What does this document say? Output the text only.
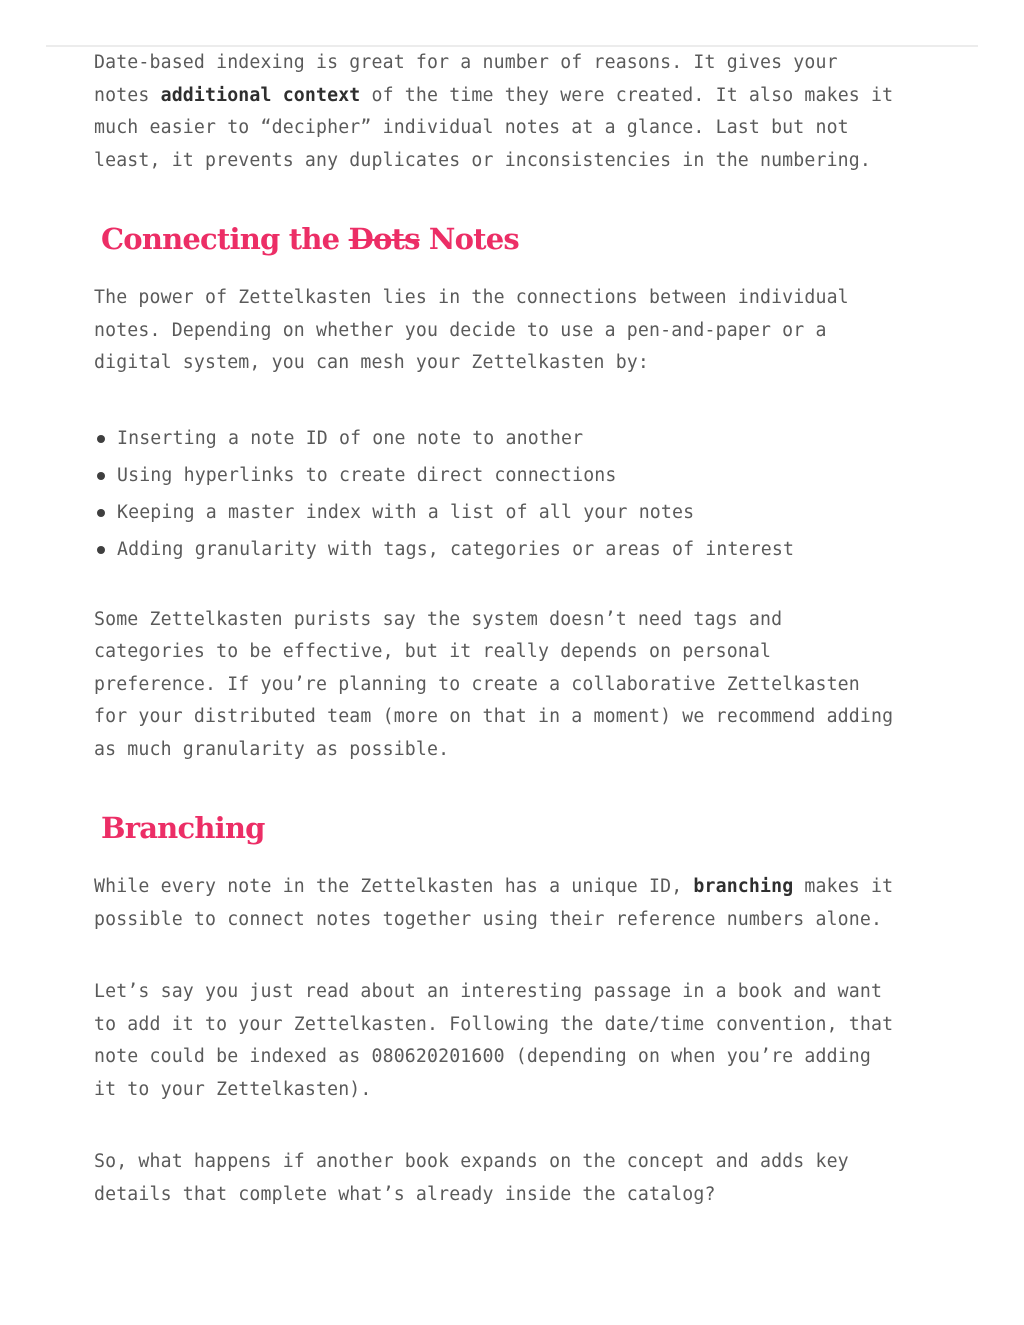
Date-based indexing is great for a number of reasons. It gives your
notes additional context of the time they were created. It also makes it
much easier to “decipher” individual notes at a glance. Last but not
least, it prevents any duplicates or inconsistencies in the numbering.

Connecting the Dots Notes

The power of Zettelkasten lies in the connections between individual
notes. Depending on whether you decide to use a pen-and-paper or a
digital system, you can mesh your Zettelkasten by:

Inserting a note ID of one note to another
Using hyperlinks to create direct connections
Keeping a master index with a list of all your notes
Adding granularity with tags, categories or areas of interest

Some Zettelkasten purists say the system doesn’t need tags and
categories to be effective, but it really depends on personal
preference. If you’re planning to create a collaborative Zettelkasten
for your distributed team (more on that in a moment) we recommend adding
as much granularity as possible.

Branching

While every note in the Zettelkasten has a unique ID, branching makes it
possible to connect notes together using their reference numbers alone.

Let’s say you just read about an interesting passage in a book and want
to add it to your Zettelkasten. Following the date/time convention, that
note could be indexed as 080620201600 (depending on when you’re adding
it to your Zettelkasten).

So, what happens if another book expands on the concept and adds key
details that complete what’s already inside the catalog?
